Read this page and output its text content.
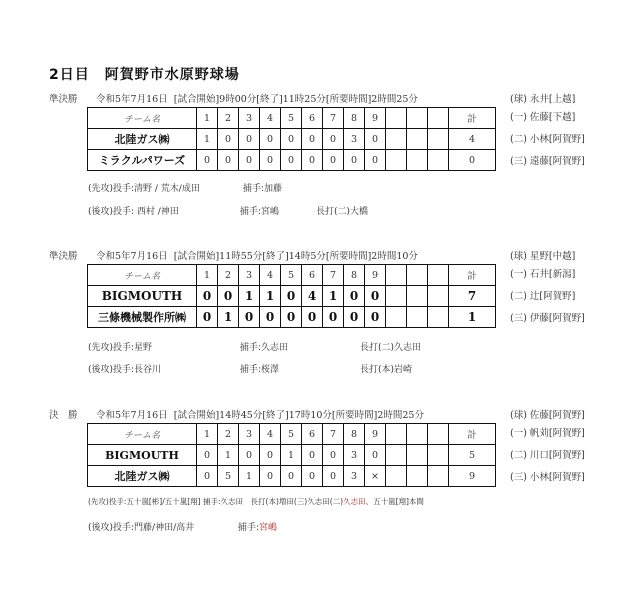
2日目　阿賀野市水原野球場
準決勝 令和5年7月16日 [試合開始]9時00分[終了]11時25分[所要時間]2時間25分	(球) 永井[上越]
チーム名	1	2	3	4	5	6	7	8	9				計
北陸ガス㈱	1	0	0	0	0	0	0	3	0				4
ミラクルパワーズ	0	0	0	0	0	0	0	0	0				0
(一) 佐藤[下越]
(二) 小林[阿賀野]
(三) 遠藤[阿賀野]
(先攻)投手:清野 / 荒木/成田	捕手:加藤
(後攻)投手: 西村 /神田	捕手:宮嶋	長打(二)大橋
準決勝 令和5年7月16日 [試合開始]11時55分[終了]14時5分[所要時間]2時間10分	(球) 星野[中越]
チーム名	1	2	3	4	5	6	7	8	9				計
BIGMOUTH	0	0	1	1	0	4	1	0	0				7
三條機械製作所㈱	0	1	0	0	0	0	0	0	0				1
(一) 石井[新潟]
(二) 辻[阿賀野]
(三) 伊藤[阿賀野]
(先攻)投手:星野	捕手:久志田	長打(二)久志田
(後攻)投手:長谷川	捕手:桜澤	長打(本)岩崎
決　勝 令和5年7月16日 [試合開始]14時45分[終了]17時10分[所要時間]2時間25分	(球) 佐藤[阿賀野]
チーム名	1	2	3	4	5	6	7	8	9				計
BIGMOUTH	0	1	0	0	1	0	0	3	0				5
北陸ガス㈱	0	5	1	0	0	0	0	3	×				9
(一) 帆苅[阿賀野]
(二) 川口[阿賀野]
(三) 小林[阿賀野]
(先攻)投手:五十嵐[彬]/五十嵐[翔] 捕手:久志田　長打(本)増田(三)久志田(二)久志田、五十嵐[翔]本間
(後攻)投手:門藤/神田/高井	捕手:宮嶋
